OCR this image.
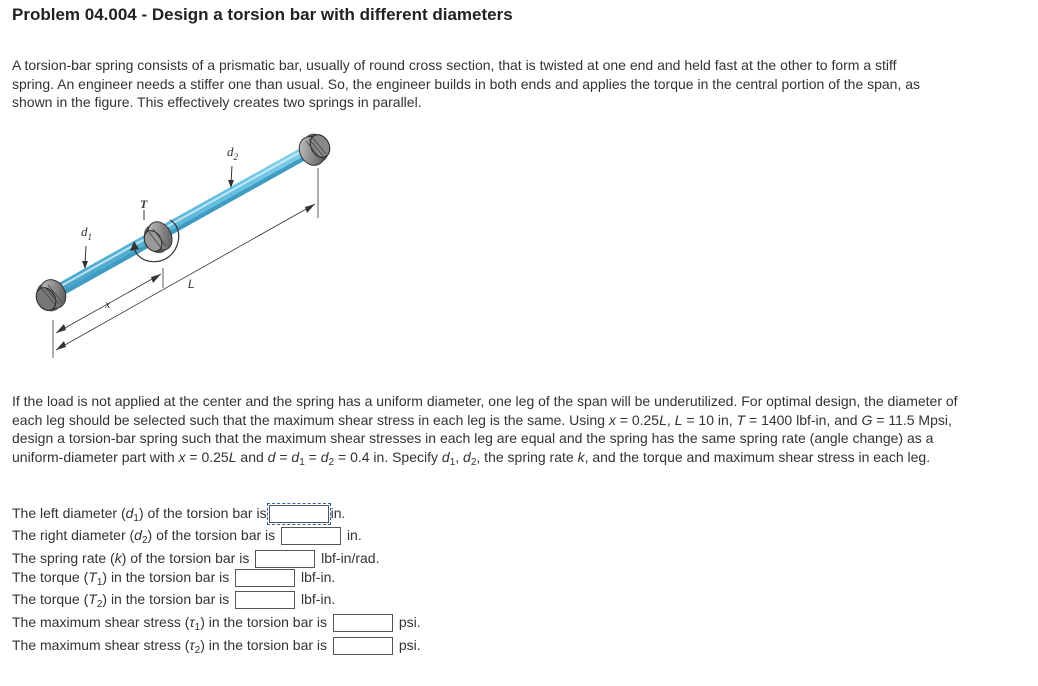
Problem 04.004 - Design a torsion bar with different diameters

A torsion-bar spring consists of a prismatic bar, usually of round cross section, that is twisted at one end and held fast at the other to form a stiff spring. An engineer needs a stiffer one than usual. So, the engineer builds in both ends and applies the torque in the central portion of the span, as shown in the figure. This effectively creates two springs in parallel.

$d_2$
$d_1$
T
L
x

If the load is not applied at the center and the spring has a uniform diameter, one leg of the span will be underutilized. For optimal design, the diameter of each leg should be selected such that the maximum shear stress in each leg is the same. Using x = 0.25L, L = 10 in, T = 1400 lbf-in, and G = 11.5 Mpsi, design a torsion-bar spring such that the maximum shear stresses in each leg are equal and the spring has the same spring rate (angle change) as a uniform-diameter part with x = 0.25L and $d = d_1 = d_2 = 0.4$ in. Specify $d_1$, $d_2$, the spring rate k, and the torque and maximum shear stress in each leg.

The left diameter $(d_1)$ of the torsion bar is	in.
The right diameter $(d_2)$ of the torsion bar is	in.
The spring rate (k) of the torsion bar is	lbf-in/rad.
The torque $(T_1)$ in the torsion bar is	lbf-in.
The torque $(T_2)$ in the torsion bar is	lbf-in.
The maximum shear stress $(\tau_1)$ in the torsion bar is	psi.
The maximum shear stress $(\tau_2)$ in the torsion bar is	psi.
